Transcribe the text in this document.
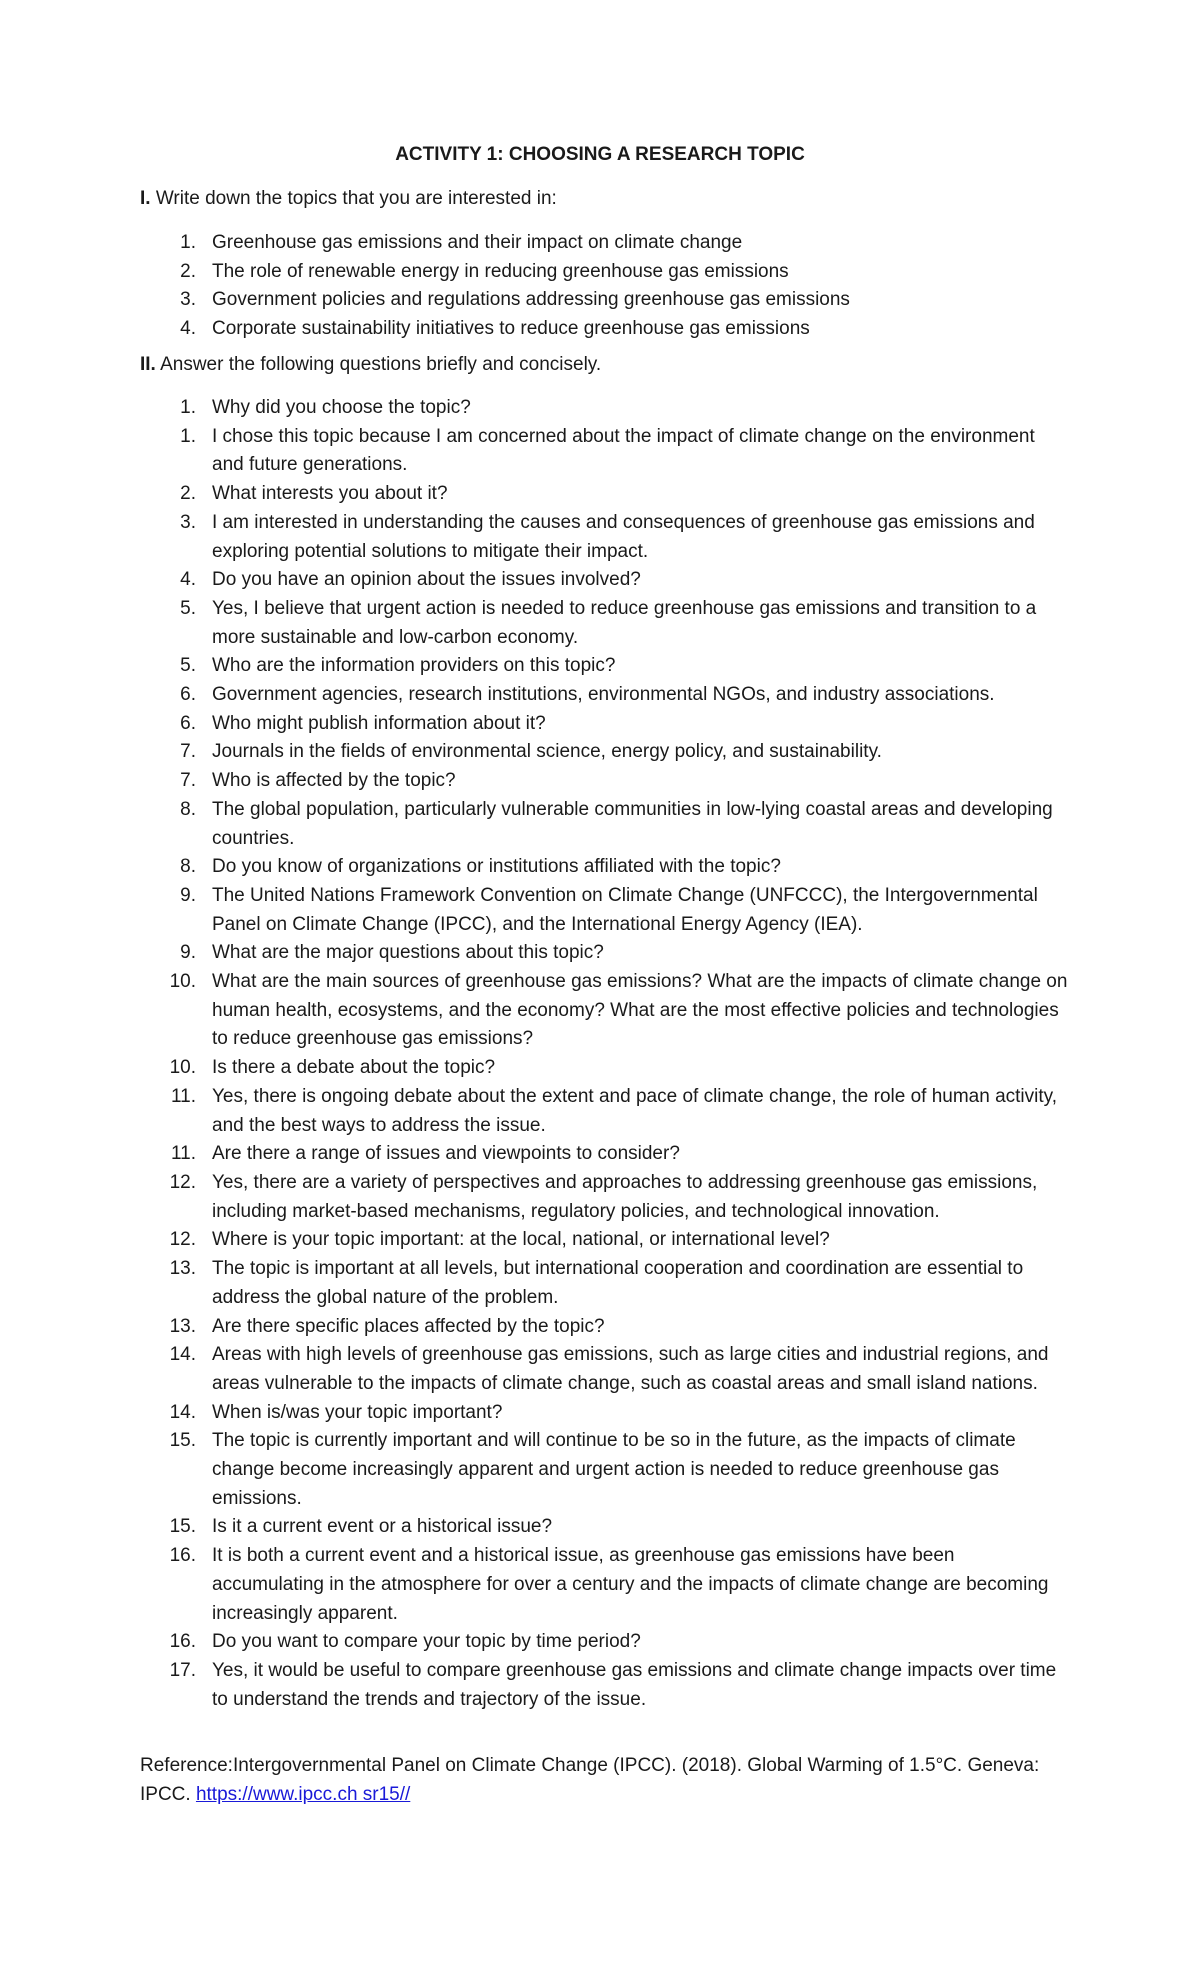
ACTIVITY 1: CHOOSING A RESEARCH TOPIC
I. Write down the topics that you are interested in:
1. Greenhouse gas emissions and their impact on climate change
2. The role of renewable energy in reducing greenhouse gas emissions
3. Government policies and regulations addressing greenhouse gas emissions
4. Corporate sustainability initiatives to reduce greenhouse gas emissions
II. Answer the following questions briefly and concisely.
1. Why did you choose the topic?
1. I chose this topic because I am concerned about the impact of climate change on the environment and future generations.
2. What interests you about it?
3. I am interested in understanding the causes and consequences of greenhouse gas emissions and exploring potential solutions to mitigate their impact.
4. Do you have an opinion about the issues involved?
5. Yes, I believe that urgent action is needed to reduce greenhouse gas emissions and transition to a more sustainable and low-carbon economy.
5. Who are the information providers on this topic?
6. Government agencies, research institutions, environmental NGOs, and industry associations.
6. Who might publish information about it?
7. Journals in the fields of environmental science, energy policy, and sustainability.
7. Who is affected by the topic?
8. The global population, particularly vulnerable communities in low-lying coastal areas and developing countries.
8. Do you know of organizations or institutions affiliated with the topic?
9. The United Nations Framework Convention on Climate Change (UNFCCC), the Intergovernmental Panel on Climate Change (IPCC), and the International Energy Agency (IEA).
9. What are the major questions about this topic?
10. What are the main sources of greenhouse gas emissions? What are the impacts of climate change on human health, ecosystems, and the economy? What are the most effective policies and technologies to reduce greenhouse gas emissions?
10. Is there a debate about the topic?
11. Yes, there is ongoing debate about the extent and pace of climate change, the role of human activity, and the best ways to address the issue.
11. Are there a range of issues and viewpoints to consider?
12. Yes, there are a variety of perspectives and approaches to addressing greenhouse gas emissions, including market-based mechanisms, regulatory policies, and technological innovation.
12. Where is your topic important: at the local, national, or international level?
13. The topic is important at all levels, but international cooperation and coordination are essential to address the global nature of the problem.
13. Are there specific places affected by the topic?
14. Areas with high levels of greenhouse gas emissions, such as large cities and industrial regions, and areas vulnerable to the impacts of climate change, such as coastal areas and small island nations.
14. When is/was your topic important?
15. The topic is currently important and will continue to be so in the future, as the impacts of climate change become increasingly apparent and urgent action is needed to reduce greenhouse gas emissions.
15. Is it a current event or a historical issue?
16. It is both a current event and a historical issue, as greenhouse gas emissions have been accumulating in the atmosphere for over a century and the impacts of climate change are becoming increasingly apparent.
16. Do you want to compare your topic by time period?
17. Yes, it would be useful to compare greenhouse gas emissions and climate change impacts over time to understand the trends and trajectory of the issue.
Reference:Intergovernmental Panel on Climate Change (IPCC). (2018). Global Warming of 1.5°C. Geneva: IPCC. https://www.ipcc.ch sr15//
